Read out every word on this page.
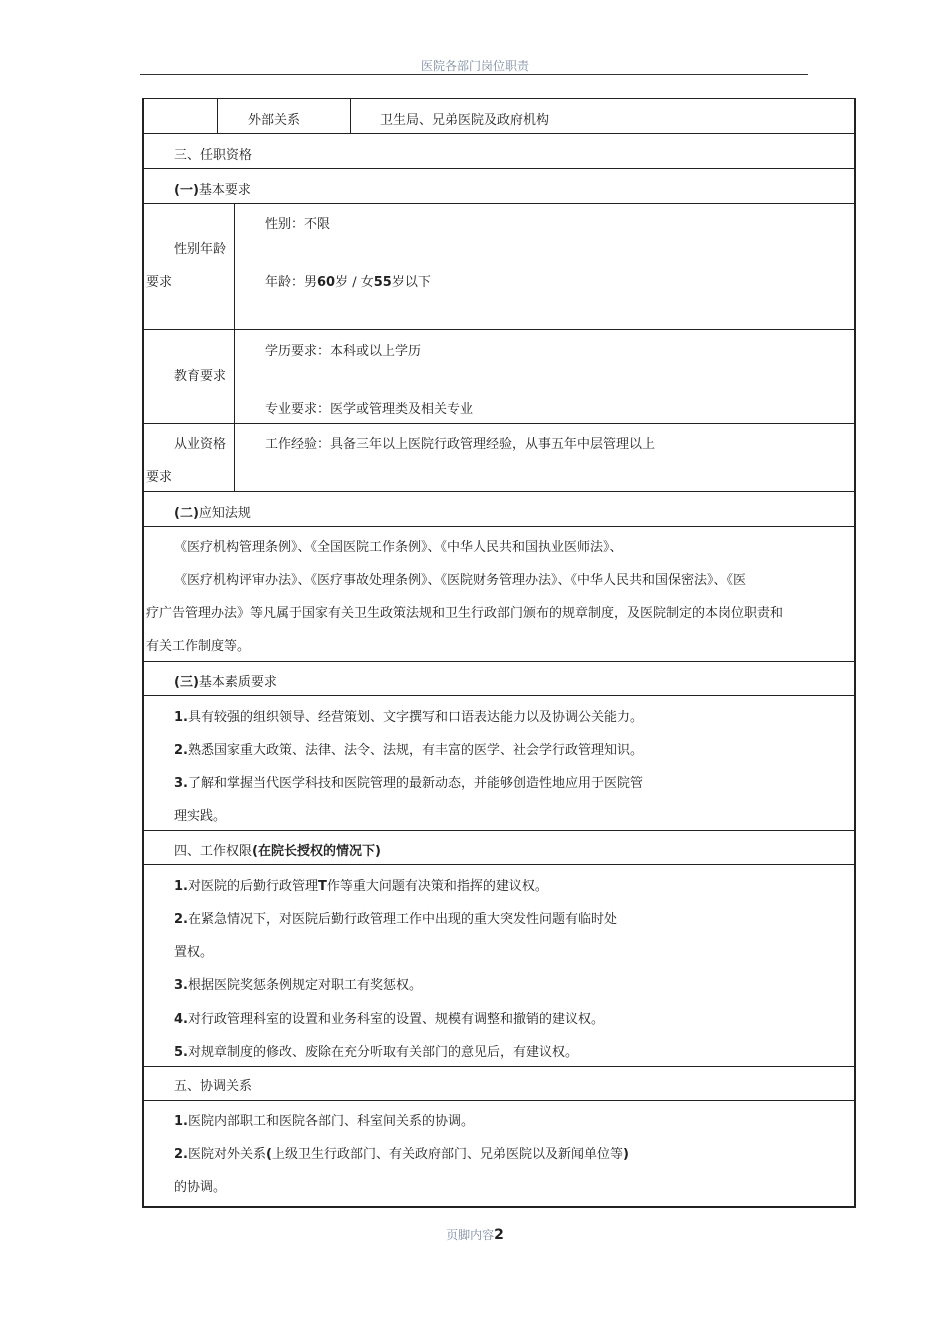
医院各部门岗位职责
外部关系	卫生局、兄弟医院及政府机构
三、任职资格
(一)基本要求
性别年龄
要求
性别：不限
年龄：男60岁 / 女55岁以下
教育要求
学历要求：本科或以上学历
专业要求：医学或管理类及相关专业
从业资格
要求
工作经验：具备三年以上医院行政管理经验，从事五年中层管理以上
(二)应知法规
《医疗机构管理条例》、《全国医院工作条例》、《中华人民共和国执业医师法》、
《医疗机构评审办法》、《医疗事故处理条例》、《医院财务管理办法》、《中华人民共和国保密法》、《医
疗广告管理办法》等凡属于国家有关卫生政策法规和卫生行政部门颁布的规章制度，及医院制定的本岗位职责和
有关工作制度等。
(三)基本素质要求
1.具有较强的组织领导、经营策划、文字撰写和口语表达能力以及协调公关能力。
2.熟悉国家重大政策、法律、法令、法规，有丰富的医学、社会学行政管理知识。
3.了解和掌握当代医学科技和医院管理的最新动态，并能够创造性地应用于医院管
理实践。
四、工作权限(在院长授权的情况下)
1.对医院的后勤行政管理T作等重大问题有决策和指挥的建议权。
2.在紧急情况下，对医院后勤行政管理工作中出现的重大突发性问题有临时处
置权。
3.根据医院奖惩条例规定对职工有奖惩权。
4.对行政管理科室的设置和业务科室的设置、规模有调整和撤销的建议权。
5.对规章制度的修改、废除在充分听取有关部门的意见后，有建议权。
五、协调关系
1.医院内部职工和医院各部门、科室间关系的协调。
2.医院对外关系(上级卫生行政部门、有关政府部门、兄弟医院以及新闻单位等)
的协调。
页脚内容2
